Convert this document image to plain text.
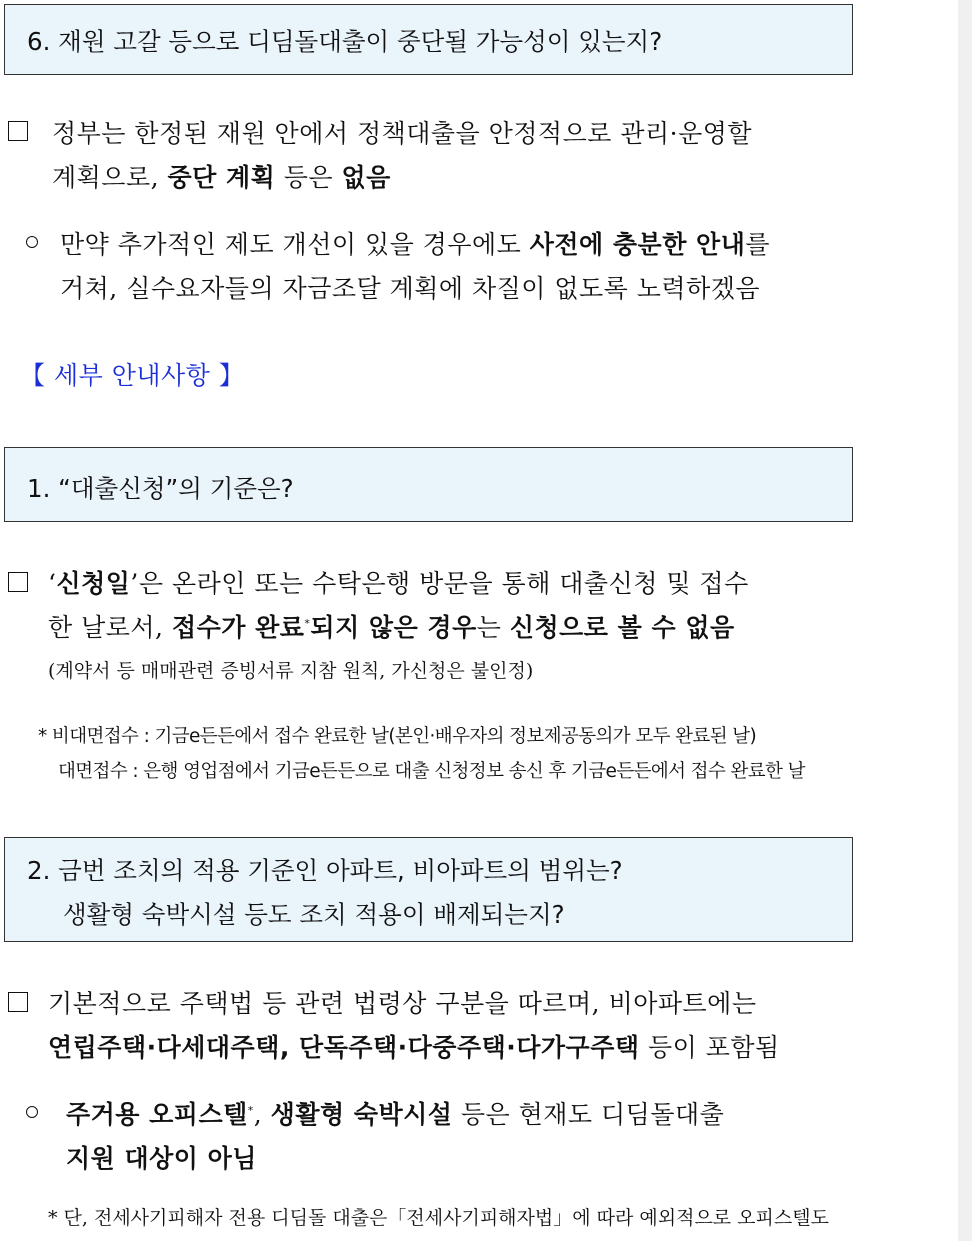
6. 재원 고갈 등으로 디딤돌대출이 중단될 가능성이 있는지?
정부는 한정된 재원 안에서 정책대출을 안정적으로 관리·운영할
계획으로, 중단 계획 등은 없음
만약 추가적인 제도 개선이 있을 경우에도 사전에 충분한 안내를
거쳐, 실수요자들의 자금조달 계획에 차질이 없도록 노력하겠음
【 세부 안내사항 】
1. “대출신청”의 기준은?
‘신청일’은 온라인 또는 수탁은행 방문을 통해 대출신청 및 접수
한 날로서, 접수가 완료*되지 않은 경우는 신청으로 볼 수 없음
(계약서 등 매매관련 증빙서류 지참 원칙, 가신청은 불인정)
* 비대면접수 : 기금e든든에서 접수 완료한 날(본인·배우자의 정보제공동의가 모두 완료된 날)
대면접수 : 은행 영업점에서 기금e든든으로 대출 신청정보 송신 후 기금e든든에서 접수 완료한 날
2. 금번 조치의 적용 기준인 아파트, 비아파트의 범위는?
생활형 숙박시설 등도 조치 적용이 배제되는지?
기본적으로 주택법 등 관련 법령상 구분을 따르며, 비아파트에는
연립주택·다세대주택, 단독주택·다중주택·다가구주택 등이 포함됨
주거용 오피스텔*, 생활형 숙박시설 등은 현재도 디딤돌대출
지원 대상이 아님
* 단, 전세사기피해자 전용 디딤돌 대출은「전세사기피해자법」에 따라 예외적으로 오피스텔도
